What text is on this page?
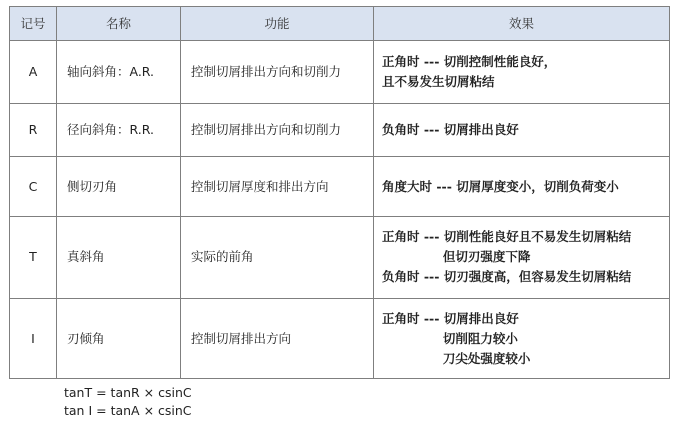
记号	名称	功能	效果
A	轴向斜角：A.R.	控制切屑排出方向和切削力	正角时 --- 切削控制性能良好，
且不易发生切屑粘结

R	径向斜角：R.R.	控制切屑排出方向和切削力	负角时 --- 切屑排出良好

C	侧切刃角	控制切屑厚度和排出方向	角度大时 --- 切屑厚度变小，切削负荷变小

T	真斜角	实际的前角	正角时 --- 切削性能良好且不易发生切屑粘结
但切刃强度下降
负角时 --- 切刃强度高，但容易发生切屑粘结

I	刃倾角	控制切屑排出方向	正角时 --- 切屑排出良好
切削阻力较小
刀尖处强度较小
tanT = tanR × csinC
tan I = tanA × csinC
